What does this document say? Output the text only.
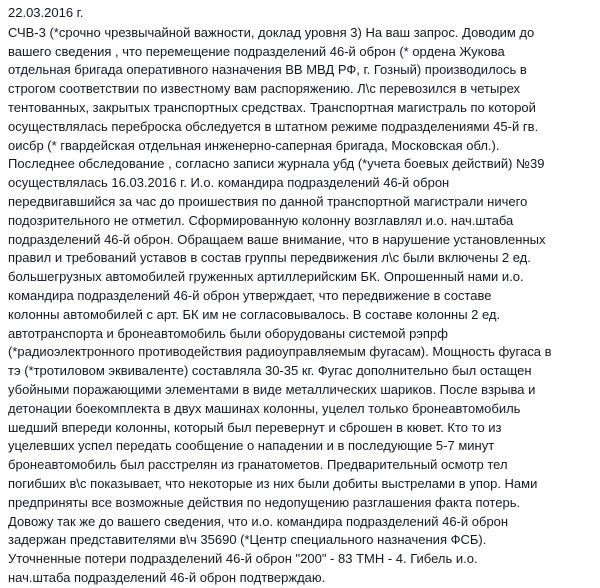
22.03.2016 г.
СЧВ-3 (*срочно чрезвычайной важности, доклад уровня 3) На ваш запрос. Доводим до
вашего сведения , что перемещение подразделений 46-й оброн (* ордена Жукова
отдельная бригада оперативного назначения ВВ МВД РФ, г. Гозный) производилось в
строгом соответствии по известному вам распоряжению. Л\с перевозился в четырех
тентованных, закрытых транспортных средствах. Транспортная магистраль по которой
осуществлялась переброска обследуется в штатном режиме подразделениями 45-й гв.
оисбр (* гвардейская отдельная инженерно-саперная бригада, Московская обл.).
Последнее обследование , согласно записи журнала убд (*учета боевых действий) №39
осуществлялась 16.03.2016 г. И.о. командира подразделений 46-й оброн
передвигавшийся за час до проишествия по данной транспортной магистрали ничего
подозрительного не отметил. Сформированную колонну возглавлял и.о. нач.штаба
подразделений 46-й оброн. Обращаем ваше внимание, что в нарушение установленных
правил и требований уставов в состав группы передвижения л\с были включены 2 ед.
большегрузных автомобилей груженных артиллерийским БК. Опрошенный нами и.о.
командира подразделений 46-й оброн утверждает, что передвижение в составе
колонны автомобилей с арт. БК им не согласовывалось. В составе колонны 2 ед.
автотранспорта и бронеавтомобиль были оборудованы системой рэпрф
(*радиоэлектронного противодействия радиоуправляемым фугасам). Мощность фугаса в
тэ (*тротиловом эквиваленте) составляла 30-35 кг. Фугас дополнительно был остащен
убойными поражающими элементами в виде металлических шариков. После взрыва и
детонации боекомплекта в двух машинах колонны, уцелел только бронеавтомобиль
шедший впереди колонны, который был перевернут и сброшен в кювет. Кто то из
уцелевших успел передать сообщение о нападении и в последующие 5-7 минут
бронеавтомобиль был расстрелян из гранатометов. Предварительный осмотр тел
погибших в\с показывает, что некоторые из них были добиты выстрелами в упор. Нами
предприняты все возможные действия по недопущению разглашения факта потерь.
Довожу так же до вашего сведения, что и.о. командира подразделений 46-й оброн
задержан представителями в\ч 35690 (*Центр специального назначения ФСБ).
Уточненные потери подразделений 46-й оброн "200" - 83 ТМН - 4. Гибель и.о.
нач.штаба подразделений 46-й оброн подтверждаю.
